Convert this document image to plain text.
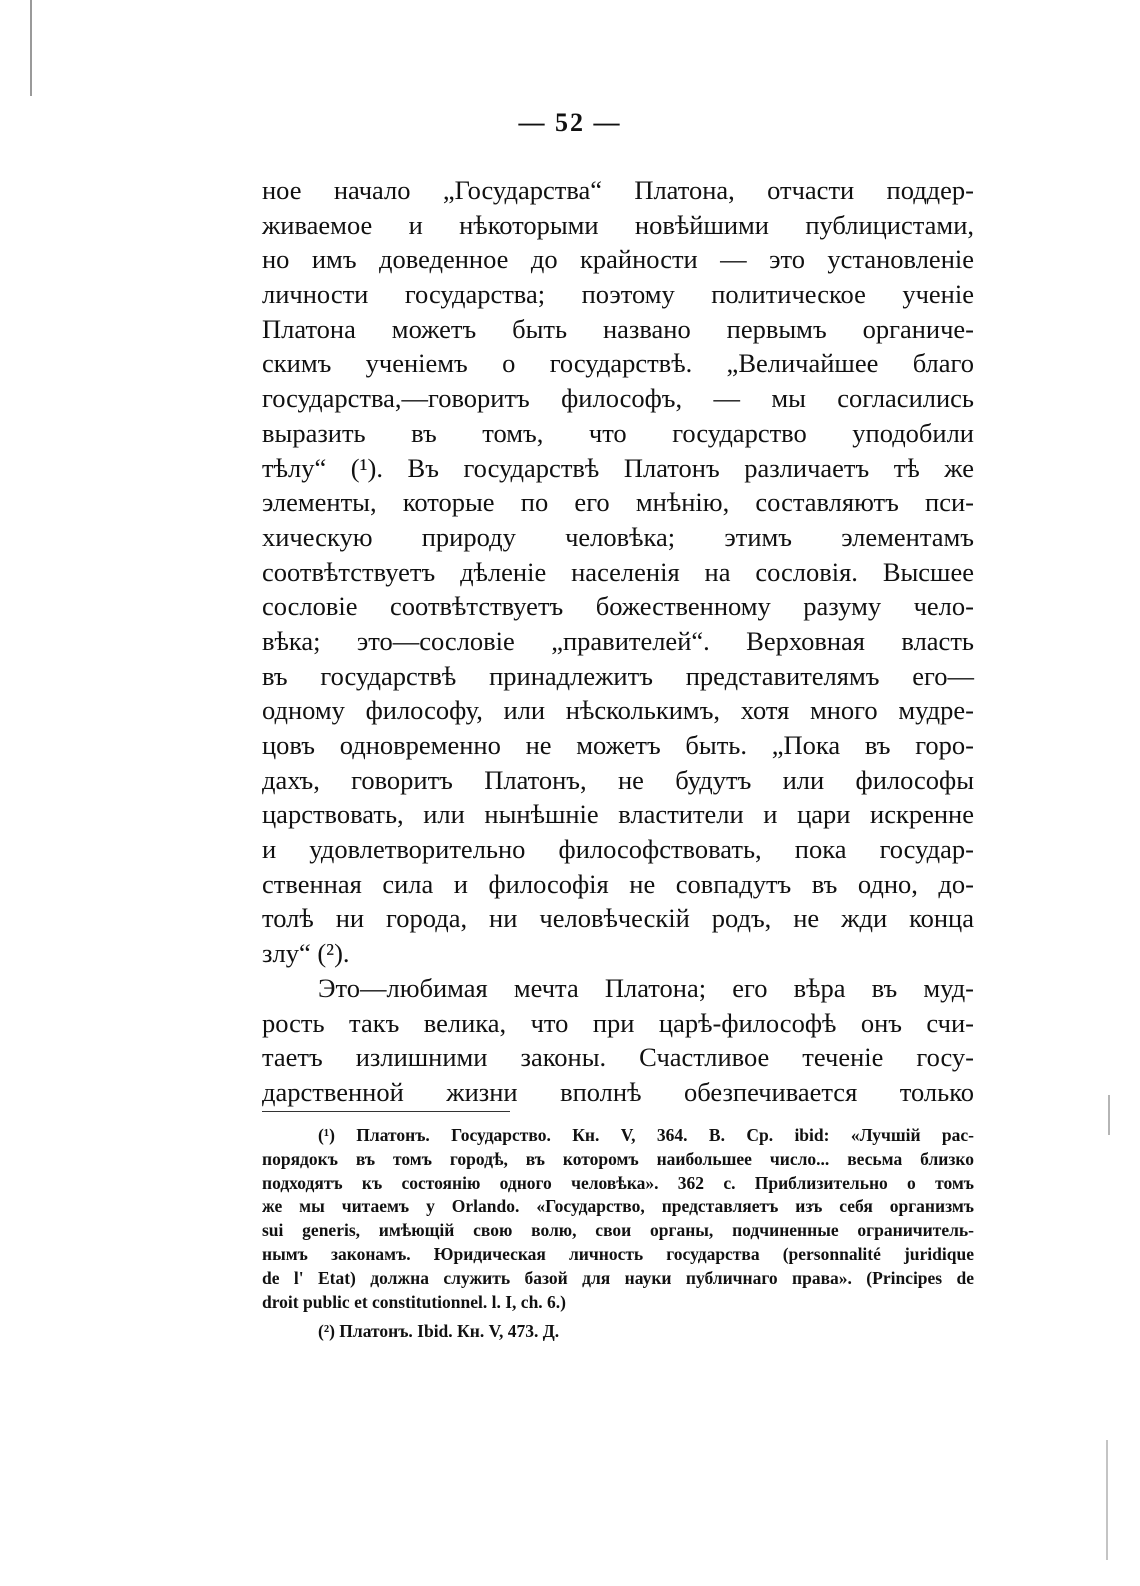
— 52 —
ное начало „Государства“ Платона, отчасти поддер-
живаемое и нѣкоторыми новѣйшими публицистами,
но имъ доведенное до крайности — это установленіе
личности государства; поэтому политическое ученіе
Платона можетъ быть названо первымъ органиче-
скимъ ученіемъ о государствѣ. „Величайшее благо
государства,—говоритъ философъ, — мы согласились
выразить въ томъ, что государство уподобили
тѣлу“ (¹). Въ государствѣ Платонъ различаетъ тѣ же
элементы, которые по его мнѣнію, составляютъ пси-
хическую природу человѣка; этимъ элементамъ
соотвѣтствуетъ дѣленіе населенія на сословія. Высшее
сословіе соотвѣтствуетъ божественному разуму чело-
вѣка; это—сословіе „правителей“. Верховная власть
въ государствѣ принадлежитъ представителямъ его—
одному философу, или нѣсколькимъ, хотя много мудре-
цовъ одновременно не можетъ быть. „Пока въ горо-
дахъ, говоритъ Платонъ, не будутъ или философы
царствовать, или нынѣшніе властители и цари искренне
и удовлетворительно философствовать, пока государ-
ственная сила и философія не совпадутъ въ одно, до-
толѣ ни города, ни человѣческій родъ, не жди конца
злу“ (²).
Это—любимая мечта Платона; его вѣра въ муд-
рость такъ велика, что при царѣ-философѣ онъ счи-
таетъ излишними законы. Счастливое теченіе госу-
дарственной жизни вполнѣ обезпечивается только
(¹) Платонъ. Государство. Кн. V, 364. В. Ср. ibid: «Лучшій рас-
порядокъ въ томъ городѣ, въ которомъ наибольшее число... весьма близко
подходятъ къ состоянію одного человѣка». 362 с. Приблизительно о томъ
же мы читаемъ у Orlando. «Государство, представляетъ изъ себя организмъ
sui generis, имѣющій свою волю, свои органы, подчиненные ограничитель-
нымъ законамъ. Юридическая личность государства (personnalité juridique
de l' Etat) должна служить базой для науки публичнаго права». (Principes de
droit public et constitutionnel. l. I, ch. 6.)
(²) Платонъ. Ibid. Кн. V, 473. Д.
